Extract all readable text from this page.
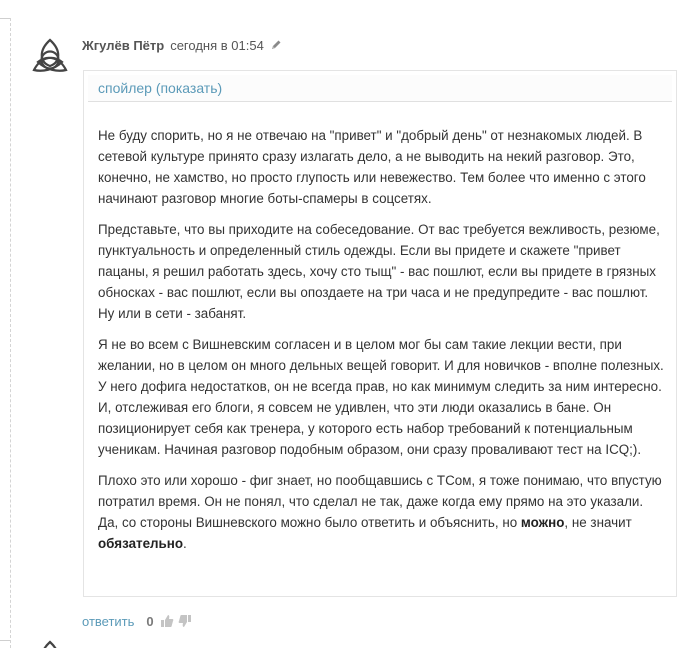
Жгулёв Пётр сегодня в 01:54
спойлер (показать)

Не буду спорить, но я не отвечаю на "привет" и "добрый день" от незнакомых людей. В сетевой культуре принято сразу излагать дело, а не выводить на некий разговор. Это, конечно, не хамство, но просто глупость или невежество. Тем более что именно с этого начинают разговор многие боты-спамеры в соцсетях.

Представьте, что вы приходите на собеседование. От вас требуется вежливость, резюме, пунктуальность и определенный стиль одежды. Если вы придете и скажете "привет пацаны, я решил работать здесь, хочу сто тыщ" - вас пошлют, если вы придете в грязных обносках - вас пошлют, если вы опоздаете на три часа и не предупредите - вас пошлют. Ну или в сети - забанят.

Я не во всем с Вишневским согласен и в целом мог бы сам такие лекции вести, при желании, но в целом он много дельных вещей говорит. И для новичков - вполне полезных. У него дофига недостатков, он не всегда прав, но как минимум следить за ним интересно. И, отслеживая его блоги, я совсем не удивлен, что эти люди оказались в бане. Он позиционирует себя как тренера, у которого есть набор требований к потенциальным ученикам. Начиная разговор подобным образом, они сразу проваливают тест на ICQ;).

Плохо это или хорошо - фиг знает, но пообщавшись с ТСом, я тоже понимаю, что впустую потратил время. Он не понял, что сделал не так, даже когда ему прямо на это указали. Да, со стороны Вишневского можно было ответить и объяснить, но можно, не значит обязательно.

ответить 0
